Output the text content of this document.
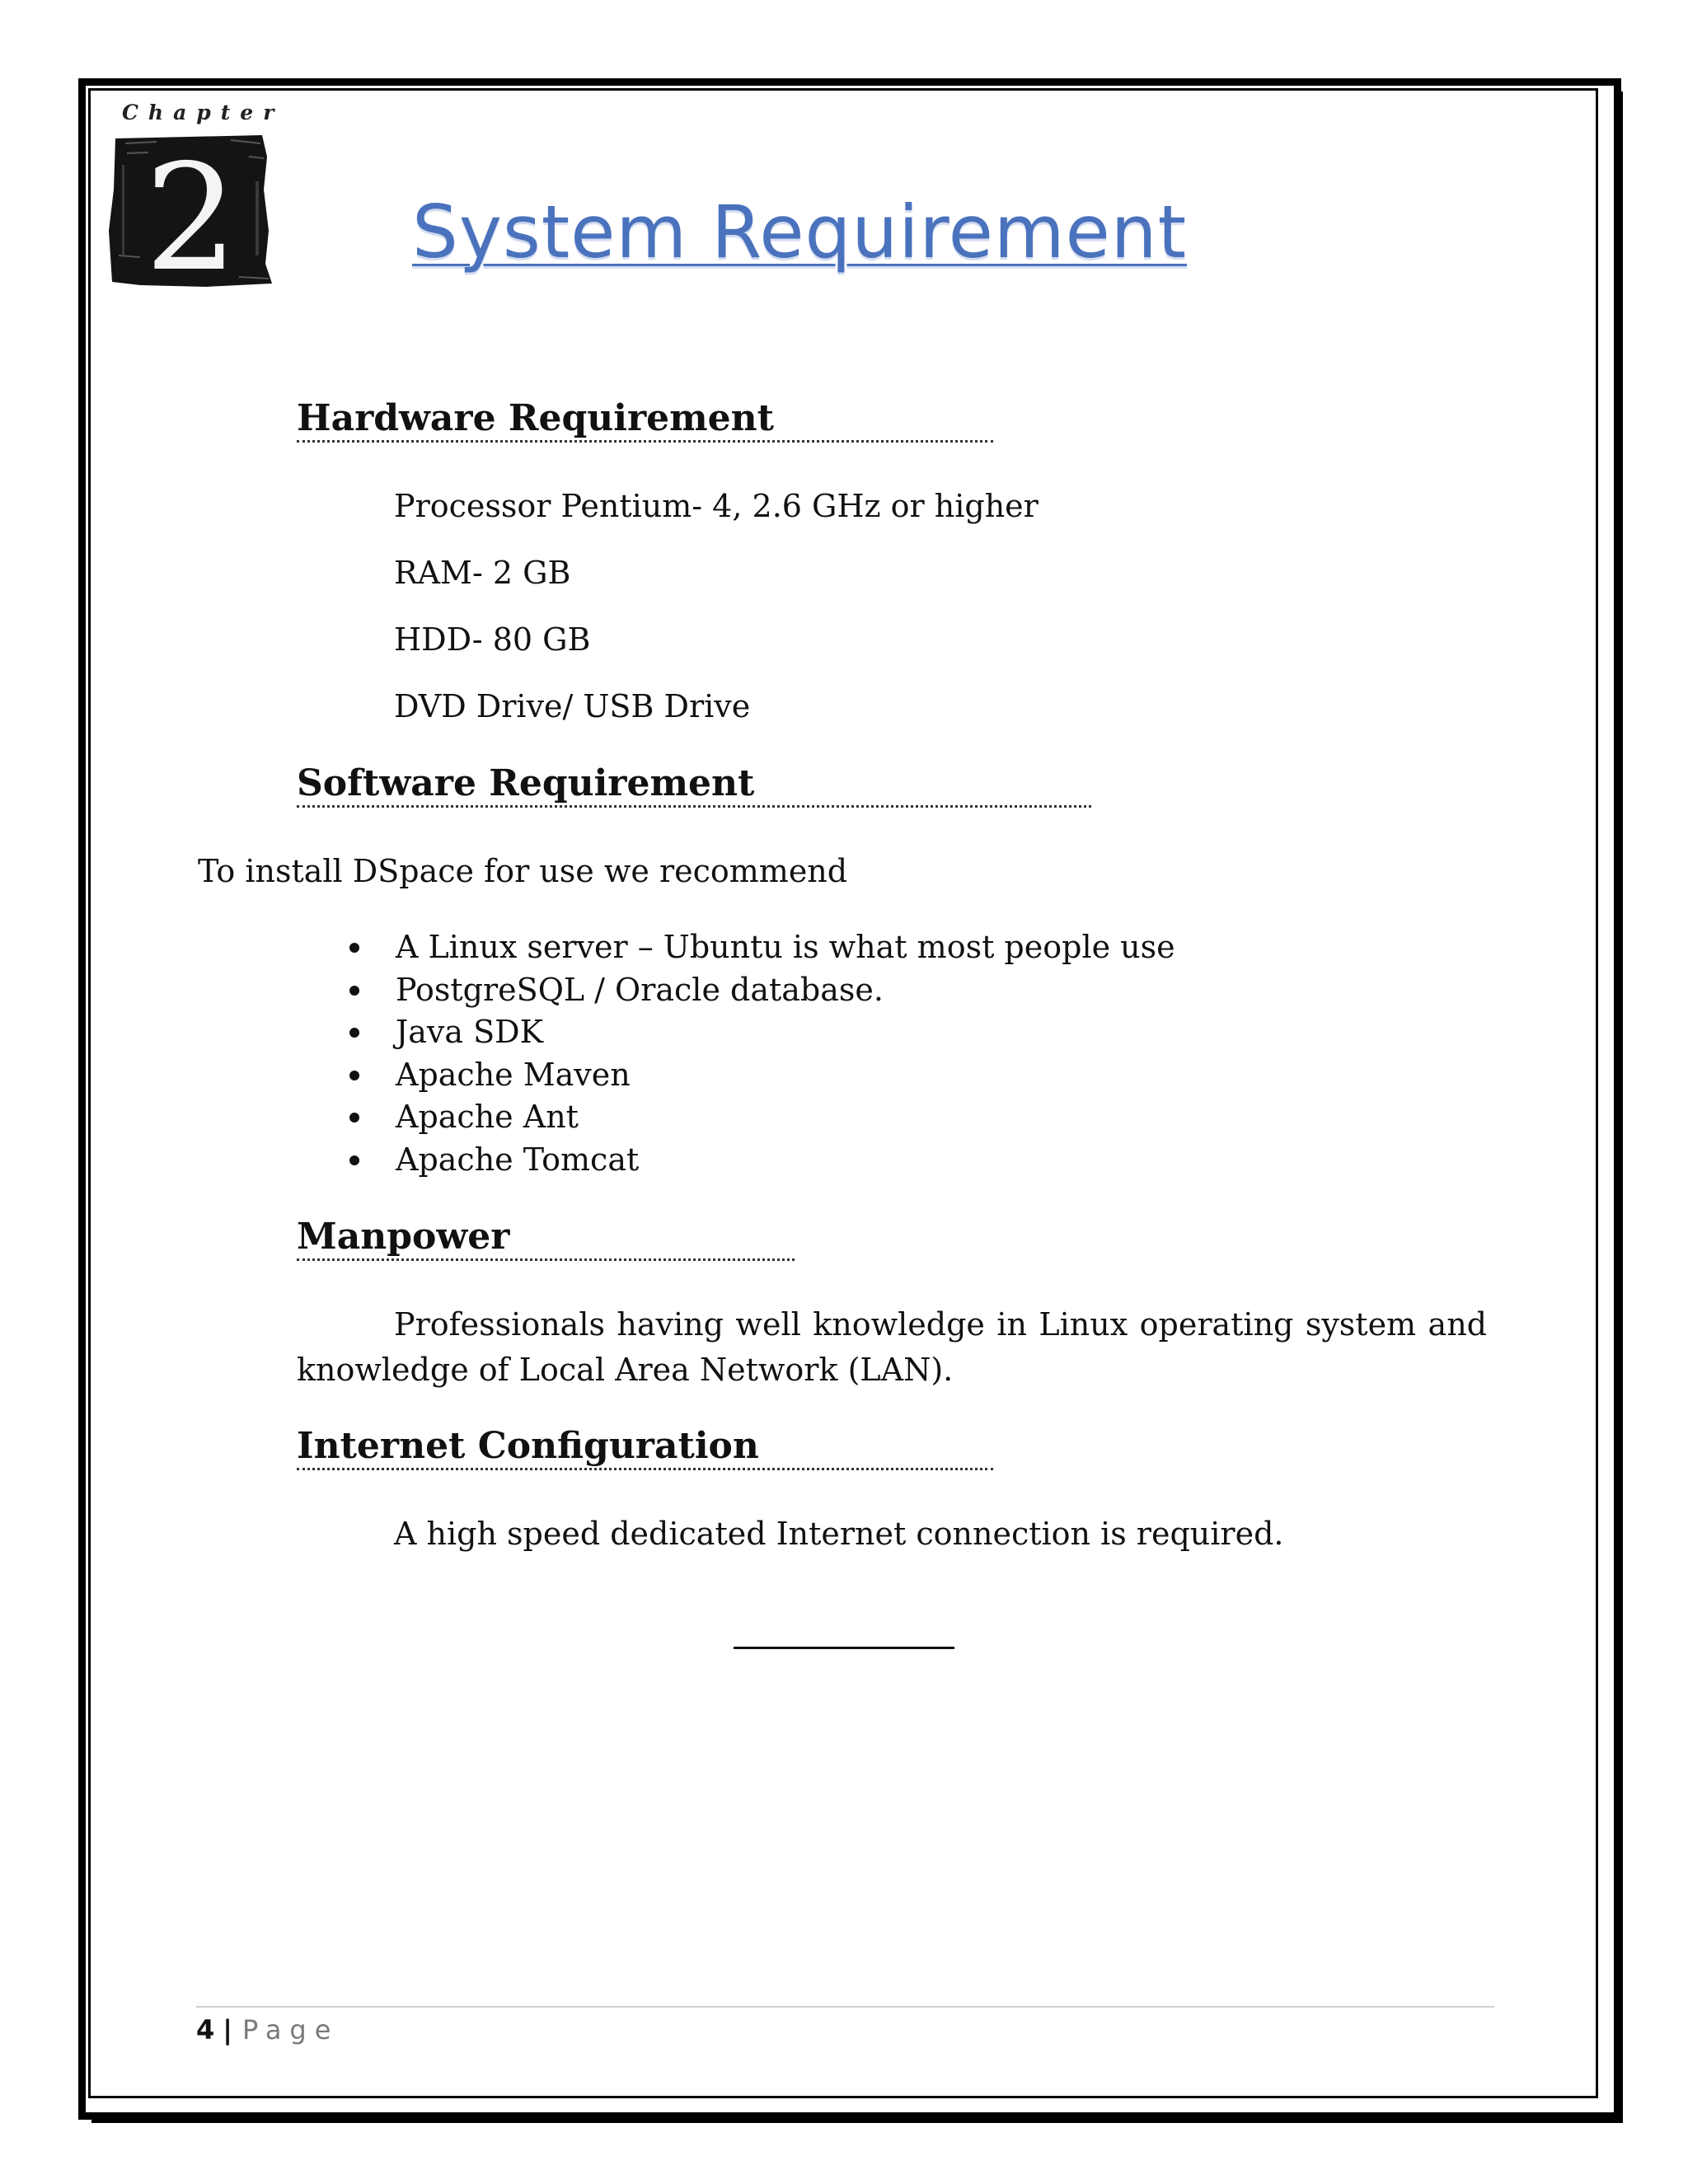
Chapter
2 System Requirement
Hardware Requirement

Processor Pentium- 4, 2.6 GHz or higher

RAM- 2 GB

HDD- 80 GB

DVD Drive/ USB Drive

Software Requirement

To install DSpace for use we recommend

A Linux server – Ubuntu is what most people use
PostgreSQL / Oracle database.
Java SDK
Apache Maven
Apache Ant
Apache Tomcat
Manpower

Professionals having well knowledge in Linux operating system and knowledge of Local Area Network (LAN).

Internet Configuration

A high speed dedicated Internet connection is required.

4 | Page
